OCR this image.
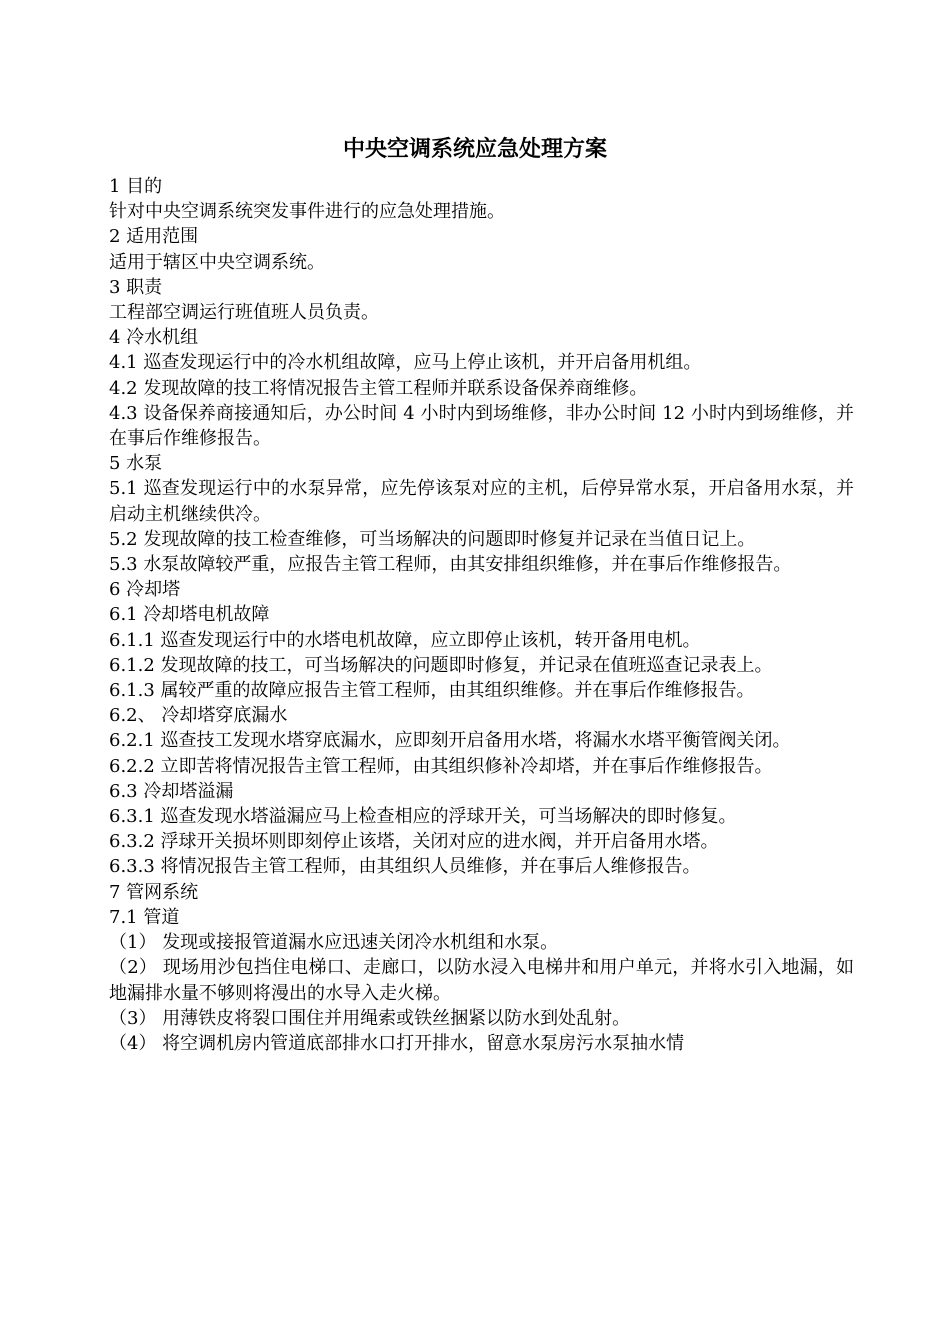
中央空调系统应急处理方案

1 目的

针对中央空调系统突发事件进行的应急处理措施。

2 适用范围

适用于辖区中央空调系统。

3 职责

工程部空调运行班值班人员负责。

4 冷水机组

4.1 巡查发现运行中的冷水机组故障，应马上停止该机，并开启备用机组。

4.2 发现故障的技工将情况报告主管工程师并联系设备保养商维修。

4.3 设备保养商接通知后，办公时间 4 小时内到场维修，非办公时间 12 小时内到场维修，并在事后作维修报告。

5 水泵

5.1 巡查发现运行中的水泵异常，应先停该泵对应的主机，后停异常水泵，开启备用水泵，并启动主机继续供冷。

5.2 发现故障的技工检查维修，可当场解决的问题即时修复并记录在当值日记上。

5.3 水泵故障较严重，应报告主管工程师，由其安排组织维修，并在事后作维修报告。

6 冷却塔

6.1 冷却塔电机故障

6.1.1 巡查发现运行中的水塔电机故障，应立即停止该机，转开备用电机。

6.1.2 发现故障的技工，可当场解决的问题即时修复，并记录在值班巡查记录表上。

6.1.3 属较严重的故障应报告主管工程师，由其组织维修。并在事后作维修报告。

6.2、 冷却塔穿底漏水

6.2.1 巡查技工发现水塔穿底漏水，应即刻开启备用水塔，将漏水水塔平衡管阀关闭。

6.2.2 立即苦将情况报告主管工程师，由其组织修补冷却塔，并在事后作维修报告。

6.3 冷却塔溢漏

6.3.1 巡查发现水塔溢漏应马上检查相应的浮球开关，可当场解决的即时修复。

6.3.2 浮球开关损坏则即刻停止该塔，关闭对应的进水阀，并开启备用水塔。

6.3.3 将情况报告主管工程师，由其组织人员维修，并在事后人维修报告。

7 管网系统

7.1 管道

（1） 发现或接报管道漏水应迅速关闭冷水机组和水泵。

（2） 现场用沙包挡住电梯口、走廊口，以防水浸入电梯井和用户单元，并将水引入地漏，如地漏排水量不够则将漫出的水导入走火梯。

（3） 用薄铁皮将裂口围住并用绳索或铁丝捆紧以防水到处乱射。

（4） 将空调机房内管道底部排水口打开排水，留意水泵房污水泵抽水情
